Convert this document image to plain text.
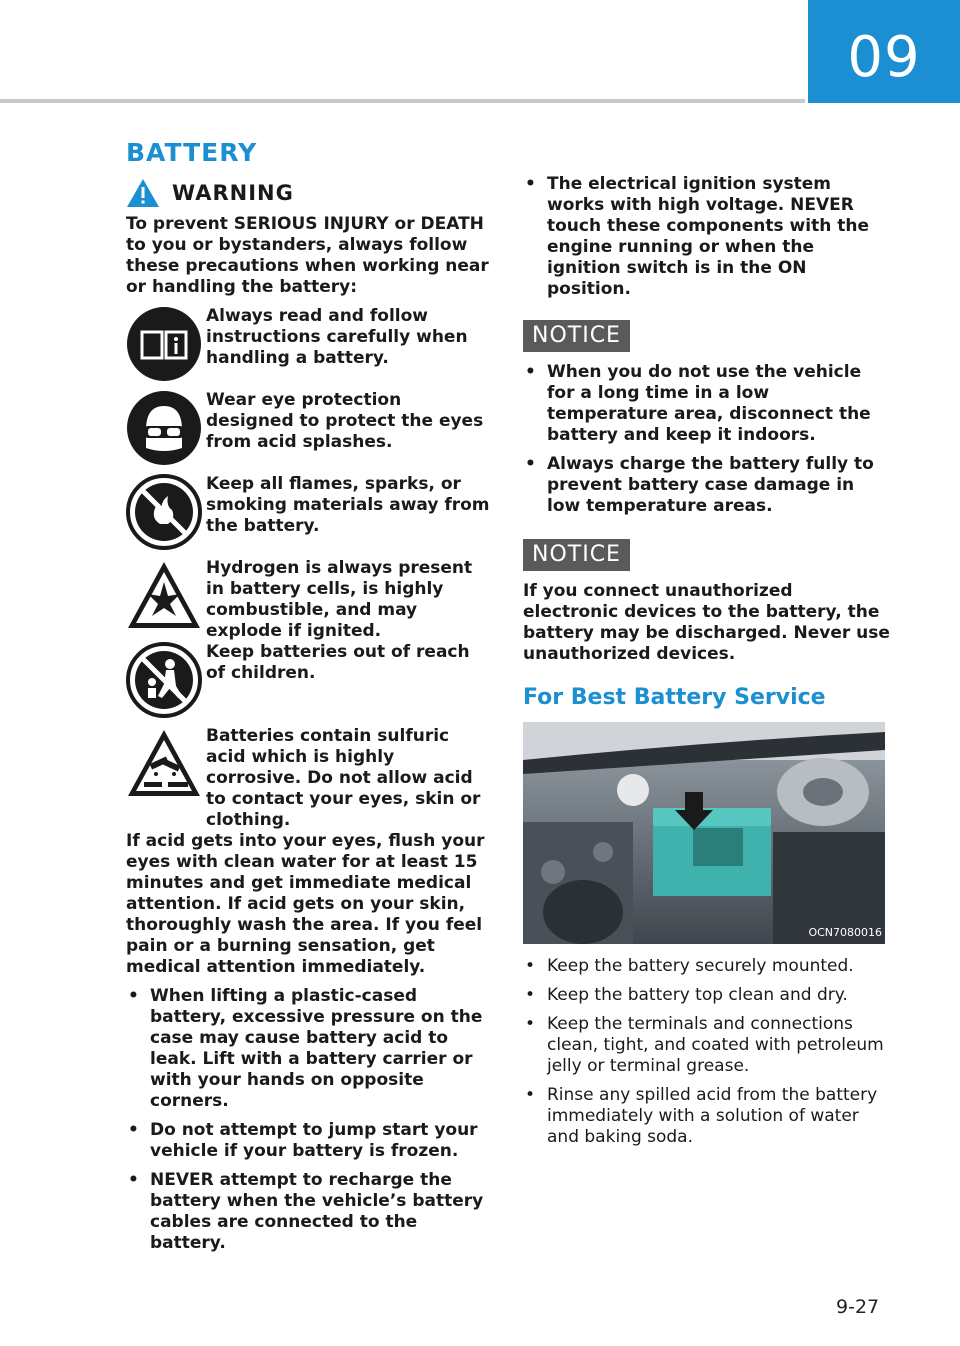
09
BATTERY
WARNING

To prevent SERIOUS INJURY or DEATH to you or bystanders, always follow these precautions when working near or handling the battery:

Always read and follow instructions carefully when handling a battery.
Wear eye protection designed to protect the eyes from acid splashes.
Keep all flames, sparks, or smoking materials away from the battery.
Hydrogen is always present in battery cells, is highly combustible, and may explode if ignited.
Keep batteries out of reach of children.
Batteries contain sulfuric acid which is highly corrosive. Do not allow acid to contact your eyes, skin or clothing.

If acid gets into your eyes, flush your eyes with clean water for at least 15 minutes and get immediate medical attention. If acid gets on your skin, thoroughly wash the area. If you feel pain or a burning sensation, get medical attention immediately.

• When lifting a plastic-cased battery, excessive pressure on the case may cause battery acid to leak. Lift with a battery carrier or with your hands on opposite corners.
• Do not attempt to jump start your vehicle if your battery is frozen.
• NEVER attempt to recharge the battery when the vehicle’s battery cables are connected to the battery.
• The electrical ignition system works with high voltage. NEVER touch these components with the engine running or when the ignition switch is in the ON position.
NOTICE
• When you do not use the vehicle for a long time in a low temperature area, disconnect the battery and keep it indoors.
• Always charge the battery fully to prevent battery case damage in low temperature areas.
NOTICE

If you connect unauthorized electronic devices to the battery, the battery may be discharged. Never use unauthorized devices.

For Best Battery Service
OCN7080016
• Keep the battery securely mounted.
• Keep the battery top clean and dry.
• Keep the terminals and connections clean, tight, and coated with petroleum jelly or terminal grease.
• Rinse any spilled acid from the battery immediately with a solution of water and baking soda.
9-27
